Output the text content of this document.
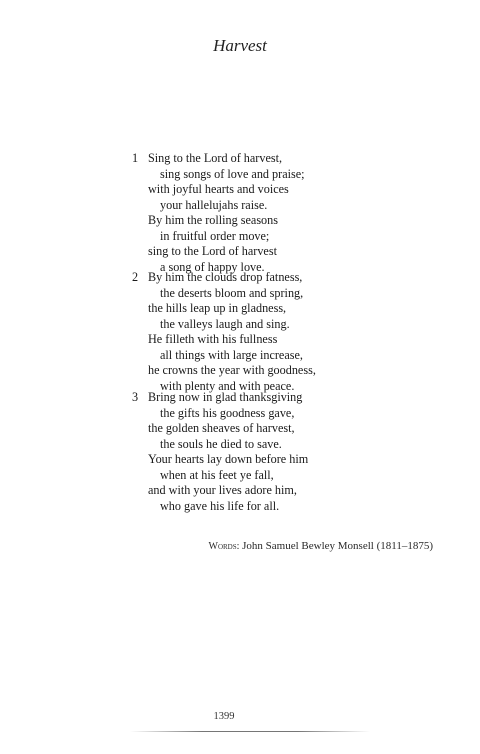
Harvest
1 Sing to the Lord of harvest,
sing songs of love and praise;
with joyful hearts and voices
your hallelujahs raise.
By him the rolling seasons
in fruitful order move;
sing to the Lord of harvest
a song of happy love.
2 By him the clouds drop fatness,
the deserts bloom and spring,
the hills leap up in gladness,
the valleys laugh and sing.
He filleth with his fullness
all things with large increase,
he crowns the year with goodness,
with plenty and with peace.
3 Bring now in glad thanksgiving
the gifts his goodness gave,
the golden sheaves of harvest,
the souls he died to save.
Your hearts lay down before him
when at his feet ye fall,
and with your lives adore him,
who gave his life for all.
Words: John Samuel Bewley Monsell (1811–1875)
1399
